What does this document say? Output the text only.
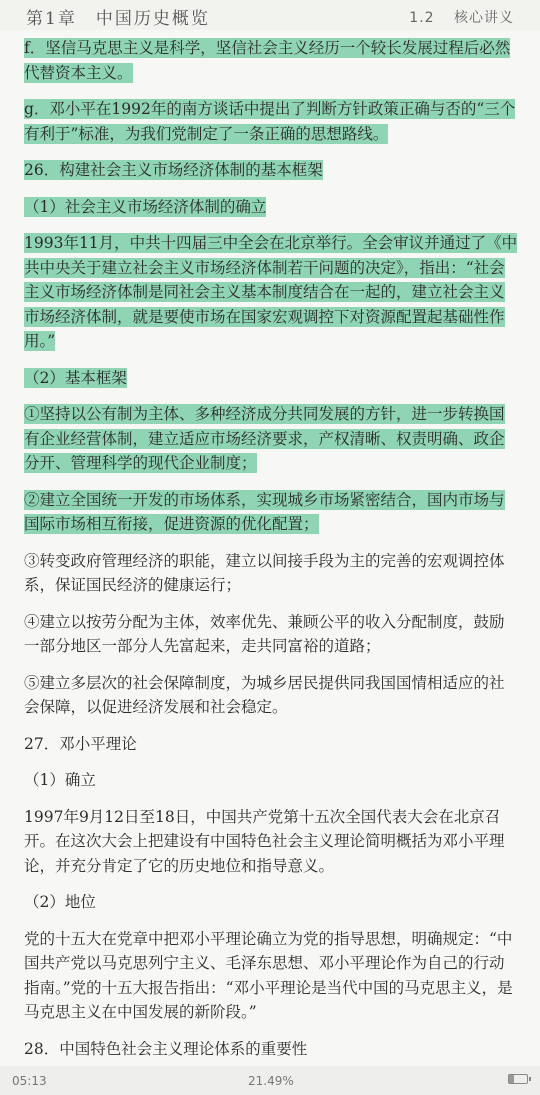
第1章　中国历史概览	1.2 核心讲义
f．坚信马克思主义是科学，坚信社会主义经历一个较长发展过程后必然代替资本主义。
g．邓小平在1992年的南方谈话中提出了判断方针政策正确与否的“三个有利于”标准，为我们党制定了一条正确的思想路线。
26．构建社会主义市场经济体制的基本框架
（1）社会主义市场经济体制的确立
1993年11月，中共十四届三中全会在北京举行。全会审议并通过了《中共中央关于建立社会主义市场经济体制若干问题的决定》，指出：“社会主义市场经济体制是同社会主义基本制度结合在一起的，建立社会主义市场经济体制，就是要使市场在国家宏观调控下对资源配置起基础性作用。”
（2）基本框架
①坚持以公有制为主体、多种经济成分共同发展的方针，进一步转换国有企业经营体制，建立适应市场经济要求，产权清晰、权责明确、政企分开、管理科学的现代企业制度；
②建立全国统一开发的市场体系，实现城乡市场紧密结合，国内市场与国际市场相互衔接，促进资源的优化配置；
③转变政府管理经济的职能，建立以间接手段为主的完善的宏观调控体系，保证国民经济的健康运行；
④建立以按劳分配为主体，效率优先、兼顾公平的收入分配制度，鼓励一部分地区一部分人先富起来，走共同富裕的道路；
⑤建立多层次的社会保障制度，为城乡居民提供同我国国情相适应的社会保障，以促进经济发展和社会稳定。
27．邓小平理论
（1）确立
1997年9月12日至18日，中国共产党第十五次全国代表大会在北京召开。在这次大会上把建设有中国特色社会主义理论简明概括为邓小平理论，并充分肯定了它的历史地位和指导意义。
（2）地位
党的十五大在党章中把邓小平理论确立为党的指导思想，明确规定：“中国共产党以马克思列宁主义、毛泽东思想、邓小平理论作为自己的行动指南。”党的十五大报告指出：“邓小平理论是当代中国的马克思主义，是马克思主义在中国发展的新阶段。”
28．中国特色社会主义理论体系的重要性
05:13	21.49%
